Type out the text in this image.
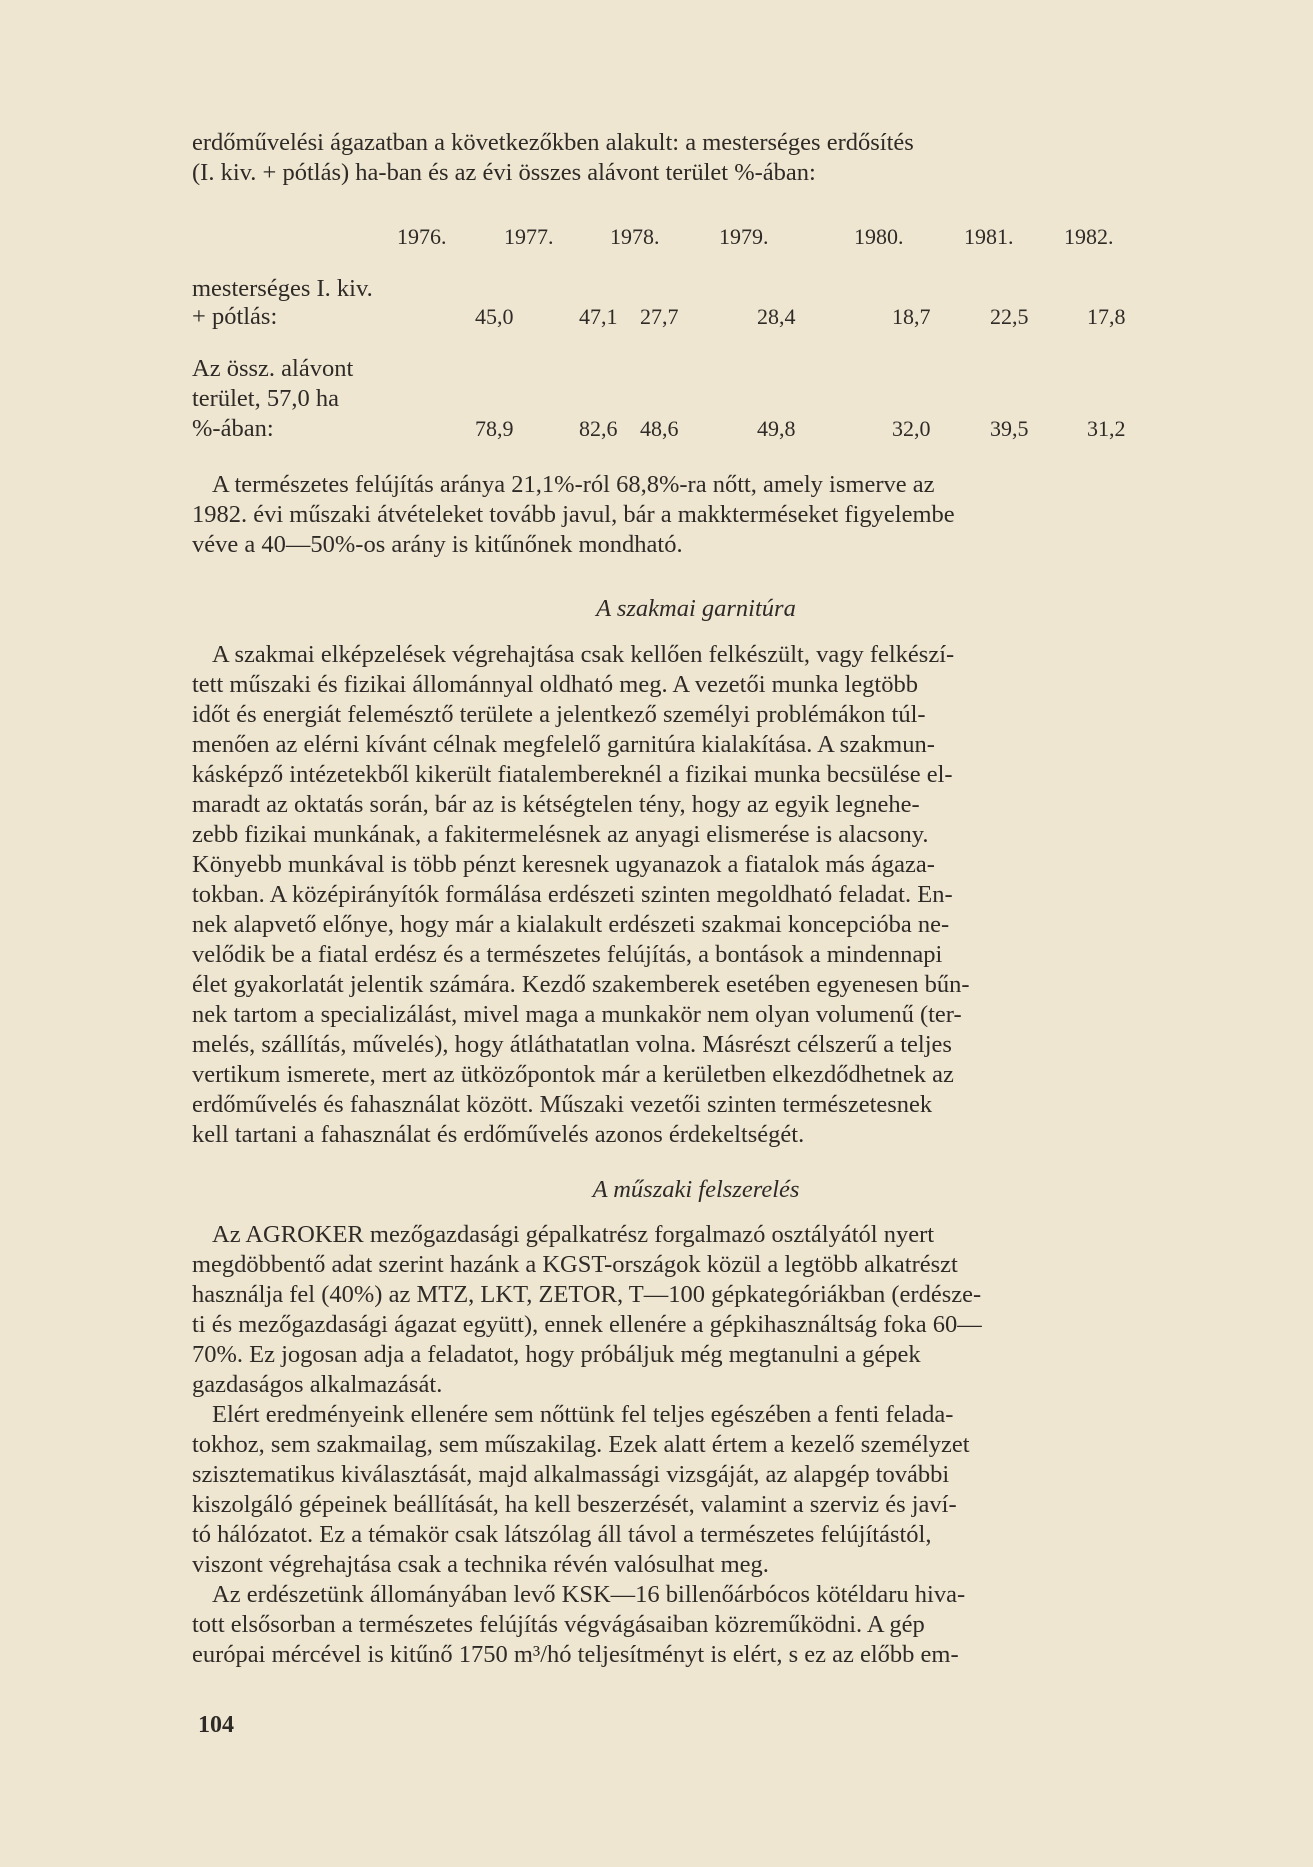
erdőművelési ágazatban a következőkben alakult: a mesterséges erdősítés
(I. kiv. + pótlás) ha-ban és az évi összes alávont terület %-ában:
1976.	1977.	1978.	1979.	1980.	1981. 1982.
mesterséges I. kiv.
+ pótlás:	45,0	47,1 27,7	28,4	18,7	22,5	17,8
Az össz. alávont
terület, 57,0 ha
%-ában:	78,9	82,6 48,6	49,8	32,0	39,5	31,2
A természetes felújítás aránya 21,1%-ról 68,8%-ra nőtt, amely ismerve az
1982. évi műszaki átvételeket tovább javul, bár a makkterméseket figyelembe
véve a 40—50%-os arány is kitűnőnek mondható.
A szakmai garnitúra
A szakmai elképzelések végrehajtása csak kellően felkészült, vagy felkészí-
tett műszaki és fizikai állománnyal oldható meg. A vezetői munka legtöbb
időt és energiát felemésztő területe a jelentkező személyi problémákon túl-
menően az elérni kívánt célnak megfelelő garnitúra kialakítása. A szakmun-
kásképző intézetekből kikerült fiatalembereknél a fizikai munka becsülése el-
maradt az oktatás során, bár az is kétségtelen tény, hogy az egyik legnehe-
zebb fizikai munkának, a fakitermelésnek az anyagi elismerése is alacsony.
Könyebb munkával is több pénzt keresnek ugyanazok a fiatalok más ágaza-
tokban. A középirányítók formálása erdészeti szinten megoldható feladat. En-
nek alapvető előnye, hogy már a kialakult erdészeti szakmai koncepcióba ne-
velődik be a fiatal erdész és a természetes felújítás, a bontások a mindennapi
élet gyakorlatát jelentik számára. Kezdő szakemberek esetében egyenesen bűn-
nek tartom a specializálást, mivel maga a munkakör nem olyan volumenű (ter-
melés, szállítás, művelés), hogy átláthatatlan volna. Másrészt célszerű a teljes
vertikum ismerete, mert az ütközőpontok már a kerületben elkezdődhetnek az
erdőművelés és fahasználat között. Műszaki vezetői szinten természetesnek
kell tartani a fahasználat és erdőművelés azonos érdekeltségét.
A műszaki felszerelés
Az AGROKER mezőgazdasági gépalkatrész forgalmazó osztályától nyert
megdöbbentő adat szerint hazánk a KGST-országok közül a legtöbb alkatrészt
használja fel (40%) az MTZ, LKT, ZETOR, T—100 gépkategóriákban (erdésze-
ti és mezőgazdasági ágazat együtt), ennek ellenére a gépkihasználtság foka 60—
70%. Ez jogosan adja a feladatot, hogy próbáljuk még megtanulni a gépek
gazdaságos alkalmazását.
Elért eredményeink ellenére sem nőttünk fel teljes egészében a fenti felada-
tokhoz, sem szakmailag, sem műszakilag. Ezek alatt értem a kezelő személyzet
szisztematikus kiválasztását, majd alkalmassági vizsgáját, az alapgép további
kiszolgáló gépeinek beállítását, ha kell beszerzését, valamint a szerviz és javí-
tó hálózatot. Ez a témakör csak látszólag áll távol a természetes felújítástól,
viszont végrehajtása csak a technika révén valósulhat meg.
Az erdészetünk állományában levő KSK—16 billenőárbócos kötéldaru hiva-
tott elsősorban a természetes felújítás végvágásaiban közreműködni. A gép
európai mércével is kitűnő 1750 m³/hó teljesítményt is elért, s ez az előbb em-
104
